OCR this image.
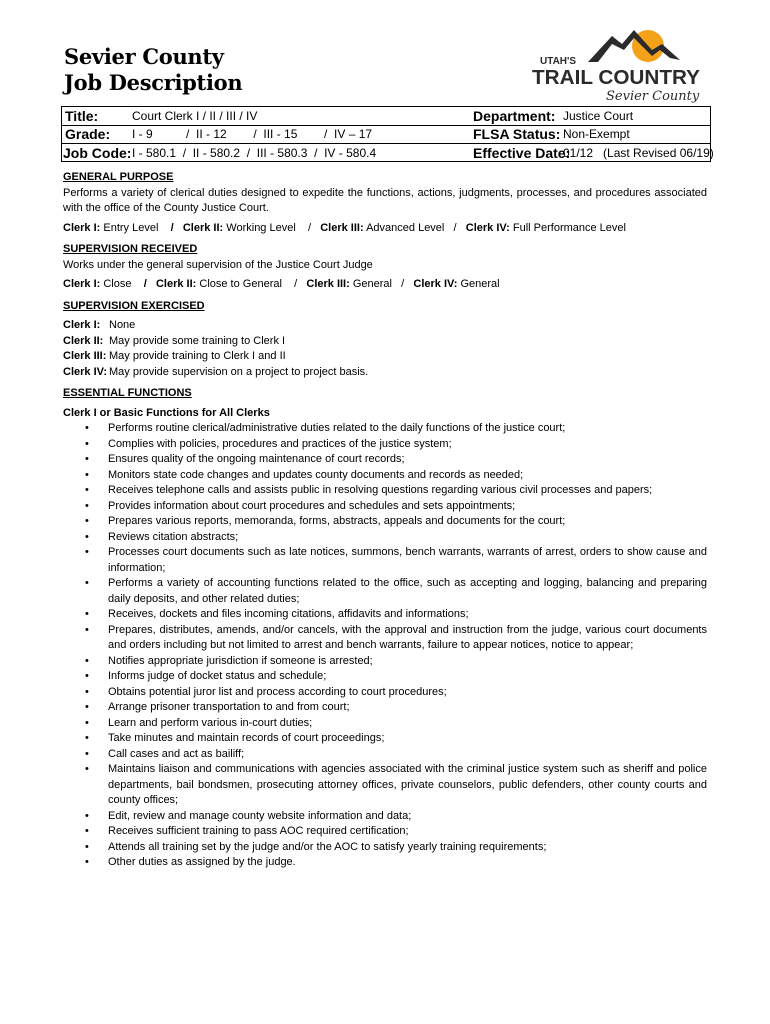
Sevier County
Job Description
UTAH'S
TRAIL COUNTRY
Sevier County
Title:	Court Clerk I / II / III / IV	Department: Justice Court
Grade: I - 9          /  II - 12        /  III - 15        /  IV – 17	FLSA Status: Non-Exempt
Job Code: I - 580.1  /  II - 580.2  /  III - 580.3  /  IV - 580.4	Effective Date:
01/12   (Last Revised 06/19)
GENERAL PURPOSE
Performs a variety of clerical duties designed to expedite the functions, actions, judgments, processes, and procedures associated with the office of the County Justice Court.
Clerk I: Entry Level / Clerk II: Working Level    /   Clerk III: Advanced Level   /   Clerk IV: Full Performance Level
SUPERVISION RECEIVED
Works under the general supervision of the Justice Court Judge
Clerk I: Close / Clerk II: Close to General    /   Clerk III: General   /   Clerk IV: General
SUPERVISION EXERCISED
Clerk I: None
Clerk II: May provide some training to Clerk I
Clerk III: May provide training to Clerk I and II
Clerk IV: May provide supervision on a project to project basis.
ESSENTIAL FUNCTIONS
Clerk I or Basic Functions for All Clerks
• Performs routine clerical/administrative duties related to the daily functions of the justice court;
• Complies with policies, procedures and practices of the justice system;
• Ensures quality of the ongoing maintenance of court records;
• Monitors state code changes and updates county documents and records as needed;
• Receives telephone calls and assists public in resolving questions regarding various civil processes and papers;
• Provides information about court procedures and schedules and sets appointments;
• Prepares various reports, memoranda, forms, abstracts, appeals and documents for the court;
• Reviews citation abstracts;
• Processes court documents such as late notices, summons, bench warrants, warrants of arrest, orders to show cause and information;
• Performs a variety of accounting functions related to the office, such as accepting and logging, balancing and preparing daily deposits, and other related duties;
• Receives, dockets and files incoming citations, affidavits and informations;
• Prepares, distributes, amends, and/or cancels, with the approval and instruction from the judge, various court documents and orders including but not limited to arrest and bench warrants, failure to appear notices, notice to appear;
• Notifies appropriate jurisdiction if someone is arrested;
• Informs judge of docket status and schedule;
• Obtains potential juror list and process according to court procedures;
• Arrange prisoner transportation to and from court;
• Learn and perform various in-court duties;
• Take minutes and maintain records of court proceedings;
• Call cases and act as bailiff;
• Maintains liaison and communications with agencies associated with the criminal justice system such as sheriff and police departments, bail bondsmen, prosecuting attorney offices, private counselors, public defenders, other county courts and county offices;
• Edit, review and manage county website information and data;
• Receives sufficient training to pass AOC required certification;
• Attends all training set by the judge and/or the AOC to satisfy yearly training requirements;
• Other duties as assigned by the judge.
